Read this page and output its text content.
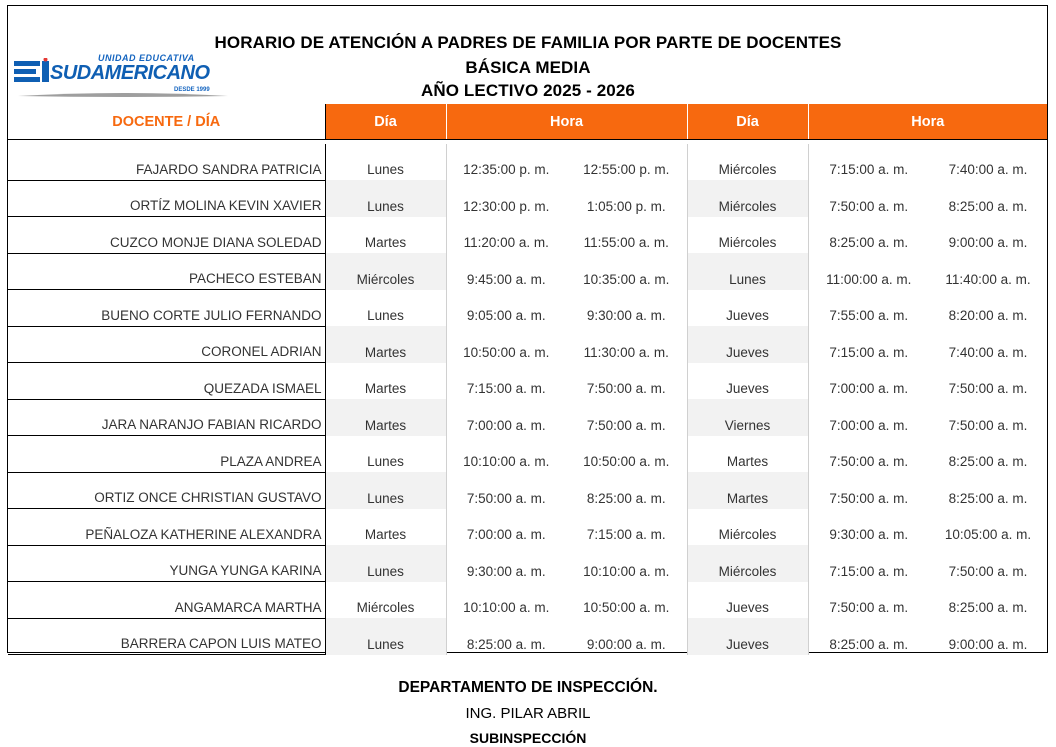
UNIDAD EDUCATIVA
SUDAMERICANO
DESDE 1999
HORARIO DE ATENCIÓN A PADRES DE FAMILIA POR PARTE DE DOCENTES
BÁSICA MEDIA
AÑO LECTIVO 2025 - 2026
DOCENTE / DÍA	Día	Hora		Día	Hora	

FAJARDO SANDRA PATRICIA	Lunes	12:35:00 p. m.	12:55:00 p. m.	Miércoles	7:15:00 a. m.	7:40:00 a. m.
ORTÍZ MOLINA KEVIN XAVIER	Lunes	12:30:00 p. m.	1:05:00 p. m.	Miércoles	7:50:00 a. m.	8:25:00 a. m.
CUZCO MONJE DIANA SOLEDAD	Martes	11:20:00 a. m.	11:55:00 a. m.	Miércoles	8:25:00 a. m.	9:00:00 a. m.
PACHECO ESTEBAN	Miércoles	9:45:00 a. m.	10:35:00 a. m.	Lunes	11:00:00 a. m.	11:40:00 a. m.
BUENO CORTE JULIO FERNANDO	Lunes	9:05:00 a. m.	9:30:00 a. m.	Jueves	7:55:00 a. m.	8:20:00 a. m.
CORONEL ADRIAN	Martes	10:50:00 a. m.	11:30:00 a. m.	Jueves	7:15:00 a. m.	7:40:00 a. m.
QUEZADA ISMAEL	Martes	7:15:00 a. m.	7:50:00 a. m.	Jueves	7:00:00 a. m.	7:50:00 a. m.
JARA NARANJO FABIAN RICARDO	Martes	7:00:00 a. m.	7:50:00 a. m.	Viernes	7:00:00 a. m.	7:50:00 a. m.
PLAZA ANDREA	Lunes	10:10:00 a. m.	10:50:00 a. m.	Martes	7:50:00 a. m.	8:25:00 a. m.
ORTIZ ONCE CHRISTIAN GUSTAVO	Lunes	7:50:00 a. m.	8:25:00 a. m.	Martes	7:50:00 a. m.	8:25:00 a. m.
PEÑALOZA KATHERINE ALEXANDRA	Martes	7:00:00 a. m.	7:15:00 a. m.	Miércoles	9:30:00 a. m.	10:05:00 a. m.
YUNGA YUNGA KARINA	Lunes	9:30:00 a. m.	10:10:00 a. m.	Miércoles	7:15:00 a. m.	7:50:00 a. m.
ANGAMARCA MARTHA	Miércoles	10:10:00 a. m.	10:50:00 a. m.	Jueves	7:50:00 a. m.	8:25:00 a. m.
BARRERA CAPON LUIS MATEO	Lunes	8:25:00 a. m.	9:00:00 a. m.	Jueves	8:25:00 a. m.	9:00:00 a. m.
DEPARTAMENTO DE INSPECCIÓN.
ING. PILAR ABRIL
SUBINSPECCIÓN
